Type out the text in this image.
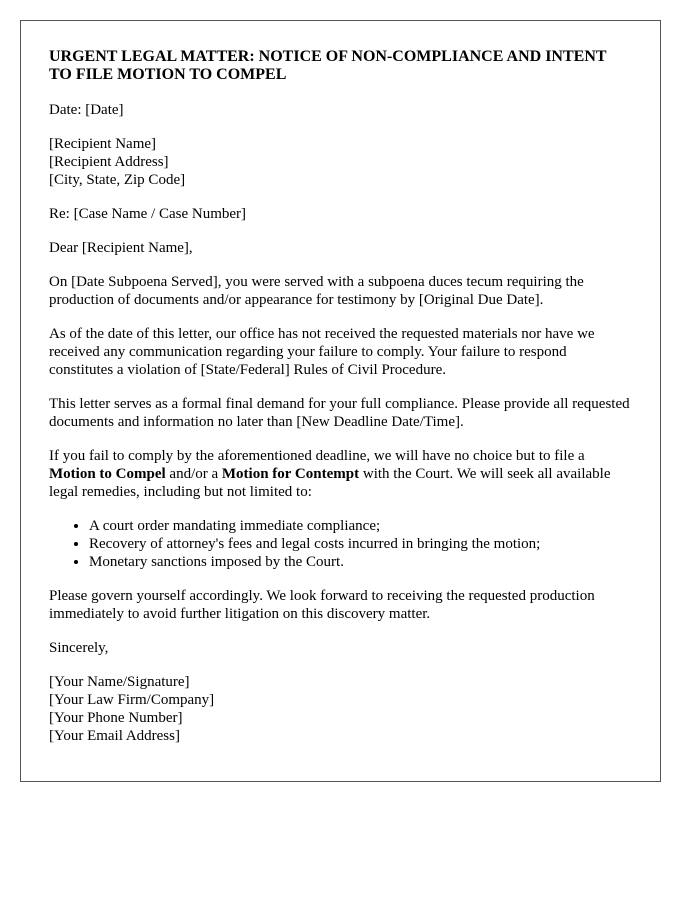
URGENT LEGAL MATTER: NOTICE OF NON-COMPLIANCE AND INTENT TO FILE MOTION TO COMPEL

Date: [Date]

[Recipient Name]
[Recipient Address]
[City, State, Zip Code]

Re: [Case Name / Case Number]

Dear [Recipient Name],

On [Date Subpoena Served], you were served with a subpoena duces tecum requiring the production of documents and/or appearance for testimony by [Original Due Date].

As of the date of this letter, our office has not received the requested materials nor have we received any communication regarding your failure to comply. Your failure to respond constitutes a violation of [State/Federal] Rules of Civil Procedure.

This letter serves as a formal final demand for your full compliance. Please provide all requested documents and information no later than [New Deadline Date/Time].

If you fail to comply by the aforementioned deadline, we will have no choice but to file a Motion to Compel and/or a Motion for Contempt with the Court. We will seek all available legal remedies, including but not limited to:

• A court order mandating immediate compliance;
• Recovery of attorney's fees and legal costs incurred in bringing the motion;
• Monetary sanctions imposed by the Court.

Please govern yourself accordingly. We look forward to receiving the requested production immediately to avoid further litigation on this discovery matter.

Sincerely,

[Your Name/Signature]
[Your Law Firm/Company]
[Your Phone Number]
[Your Email Address]
